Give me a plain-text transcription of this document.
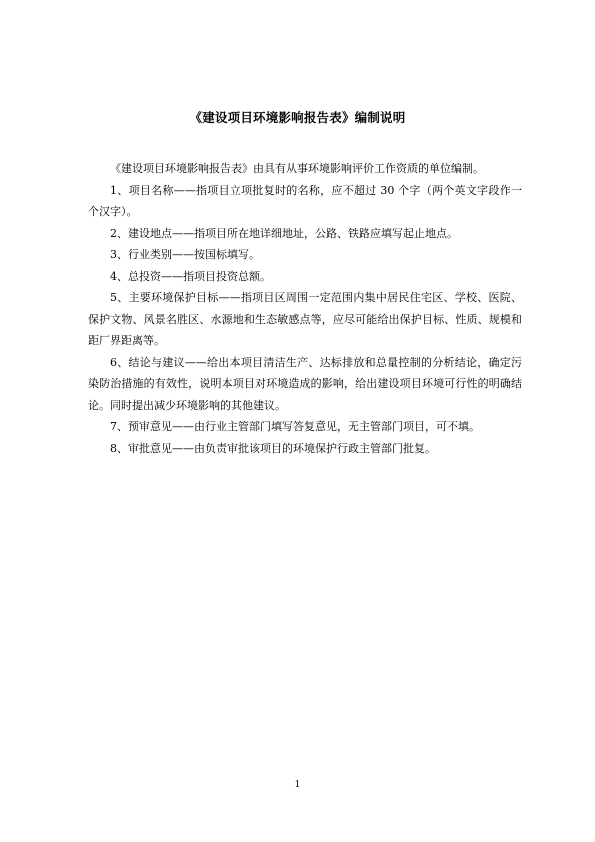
《建设项目环境影响报告表》编制说明

《建设项目环境影响报告表》由具有从事环境影响评价工作资质的单位编制。

1、项目名称——指项目立项批复时的名称，应不超过 30 个字（两个英文字段作一个汉字）。

2、建设地点——指项目所在地详细地址，公路、铁路应填写起止地点。

3、行业类别——按国标填写。

4、总投资——指项目投资总额。

5、主要环境保护目标——指项目区周围一定范围内集中居民住宅区、学校、医院、保护文物、风景名胜区、水源地和生态敏感点等，应尽可能给出保护目标、性质、规模和距厂界距离等。

6、结论与建议——给出本项目清洁生产、达标排放和总量控制的分析结论，确定污染防治措施的有效性，说明本项目对环境造成的影响，给出建设项目环境可行性的明确结论。同时提出减少环境影响的其他建议。

7、预审意见——由行业主管部门填写答复意见，无主管部门项目，可不填。

8、审批意见——由负责审批该项目的环境保护行政主管部门批复。

1
